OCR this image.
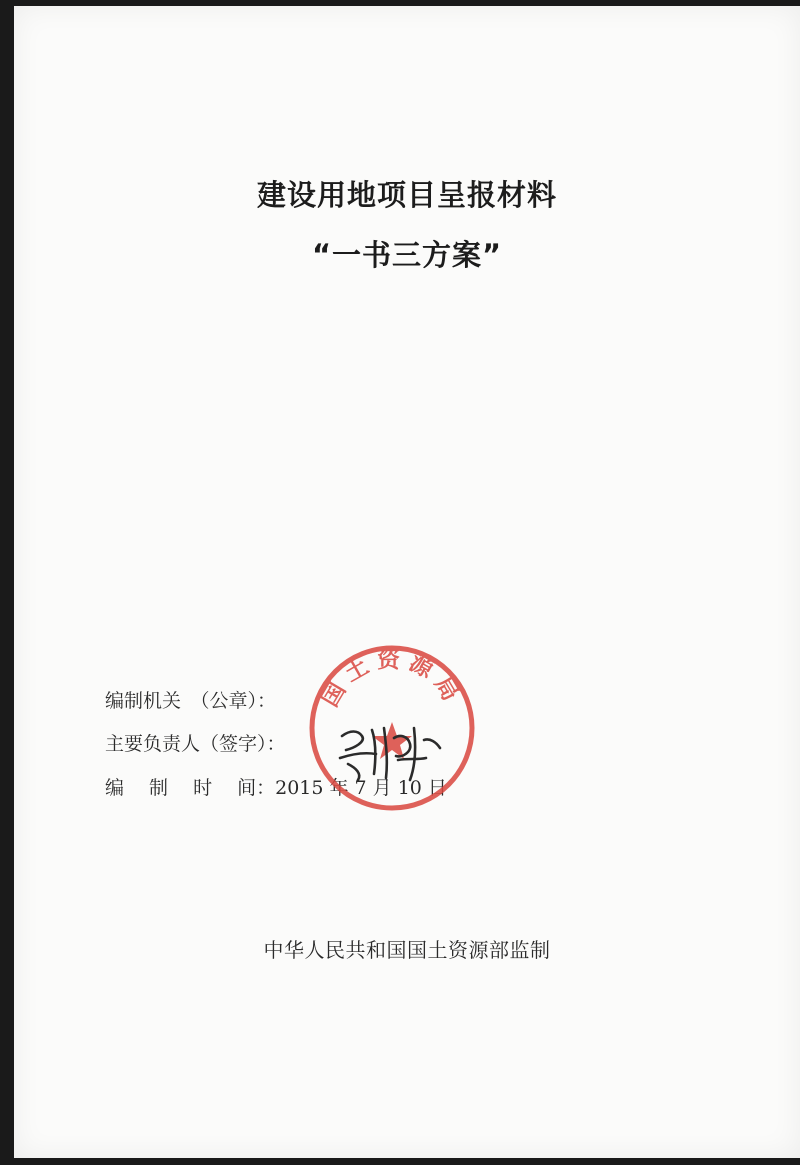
建设用地项目呈报材料
“一书三方案”
编制机关　（公章）：
主要负责人（签字）：
编　 制　 时　 间：2015 年 7 月 10 日
国土资源局
中华人民共和国国土资源部监制
